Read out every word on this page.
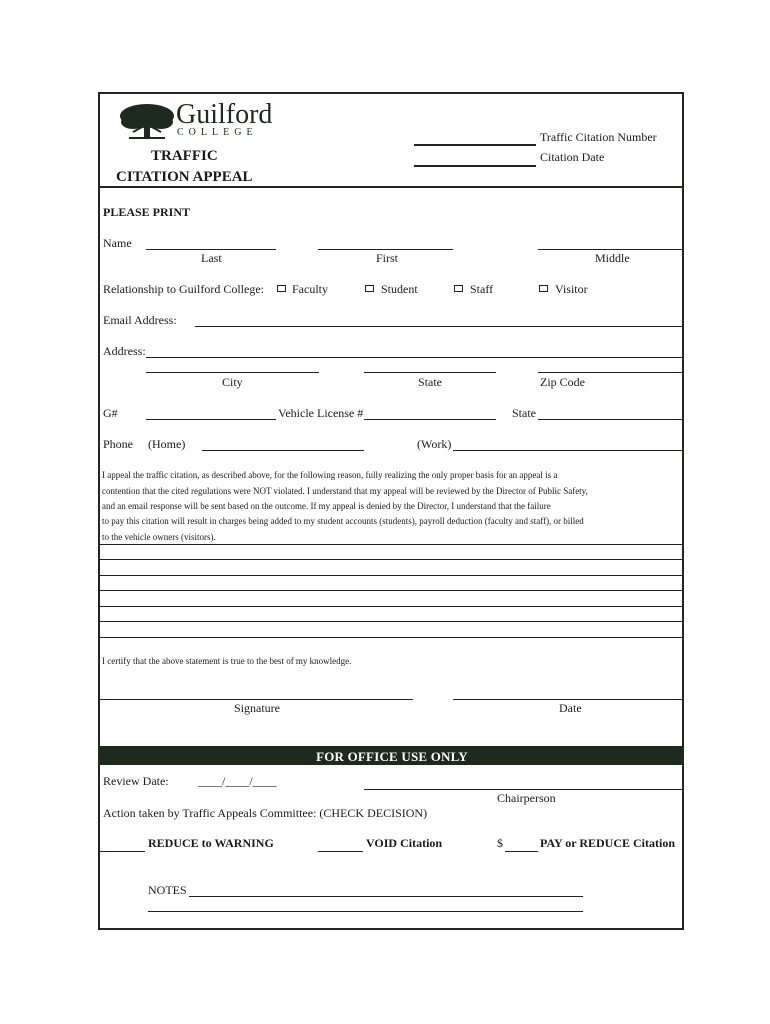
Guilford
COLLEGE
TRAFFIC
CITATION APPEAL
Traffic Citation Number
Citation Date
PLEASE PRINT
Name
Last	First	Middle
Relationship to Guilford College: Faculty	Student	Staff	Visitor
Email Address:
Address:
City	State	Zip Code
G#	Vehicle License #	State
Phone (Home)	(Work)
I appeal the traffic citation, as described above, for the following reason, fully realizing the only proper basis for an appeal is a
contention that the cited regulations were NOT violated. I understand that my appeal will be reviewed by the Director of Public Safety,
and an email response will be sent based on the outcome. If my appeal is denied by the Director, I understand that the failure
to pay this citation will result in charges being added to my student accounts (students), payroll deduction (faculty and staff), or billed
to the vehicle owners (visitors).
I certify that the above statement is true to the best of my knowledge.
Signature	Date
FOR OFFICE USE ONLY
Review Date: ____/____/____
Chairperson
Action taken by Traffic Appeals Committee: (CHECK DECISION)
REDUCE to WARNING	VOID Citation	$	PAY or REDUCE Citation
NOTES
